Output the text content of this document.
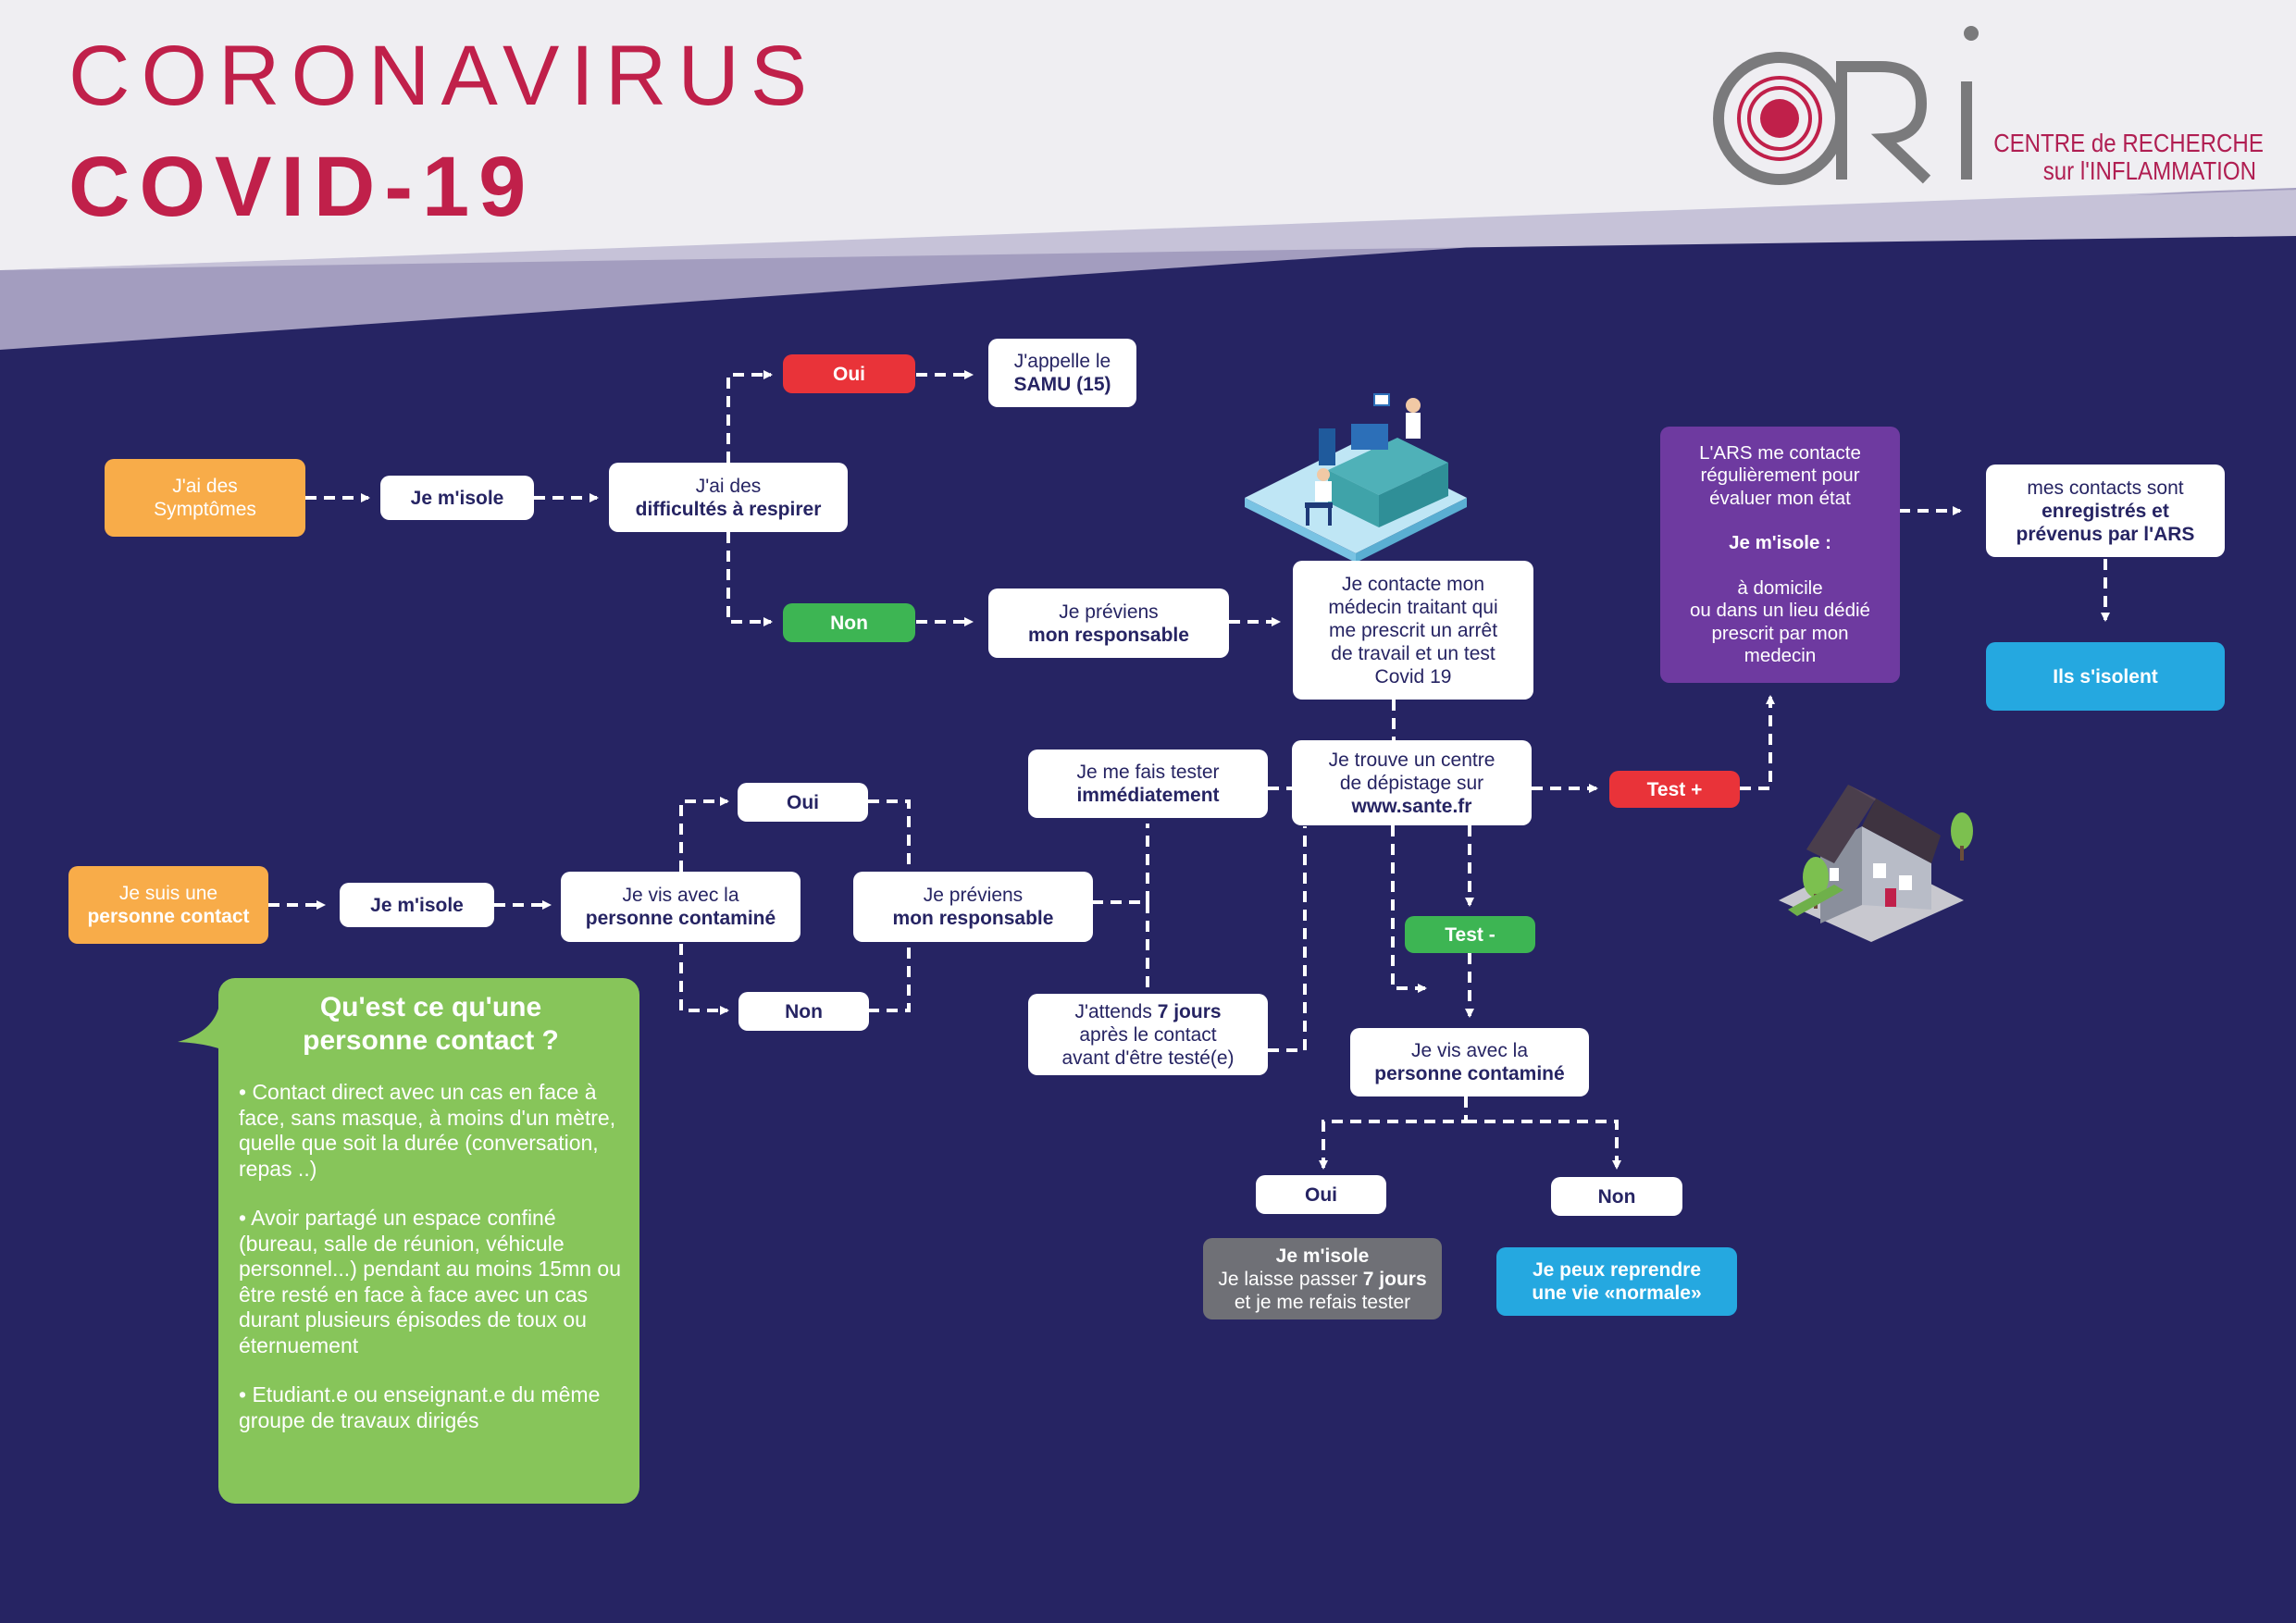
CORONAVIRUS
COVID-19	CENTRE de RECHERCHE
sur l'INFLAMMATION
J'ai des
Symptômes
Je m'isole
J'ai des
difficultés à respirer
Oui
J'appelle le
SAMU (15)
Non
Je préviens
mon responsable
Je contacte mon
médecin traitant qui
me prescrit un arrêt
de travail et un test
Covid 19
Je trouve un centre
de dépistage sur
www.sante.fr
Test +
Test -
Je vis avec la
personne contaminé
Oui	Non
Je m'isole
Je laisse passer 7 jours
et je me refais tester
Je peux reprendre
une vie «normale»
L'ARS me contacte
régulièrement pour
évaluer mon état
Je m'isole :
à domicile
ou dans un lieu dédié
prescrit par mon
medecin
mes contacts sont
enregistrés et
prévenus par l'ARS
Ils s'isolent
Je suis une
personne contact
Je m'isole	Je vis avec la
personne contaminé
Oui
Non
Je préviens
mon responsable
Je me fais tester
immédiatement
J'attends 7 jours
après le contact
avant d'être testé(e)
Qu'est ce qu'une
personne contact ?

• Contact direct avec un cas en face à face, sans masque, à moins d'un mètre, quelle que soit la durée (conversation, repas ..)

• Avoir partagé un espace confiné (bureau, salle de réunion, véhicule personnel...) pendant au moins 15mn ou être resté en face à face avec un cas durant plusieurs épisodes de toux ou éternuement

• Etudiant.e ou enseignant.e du même groupe de travaux dirigés
